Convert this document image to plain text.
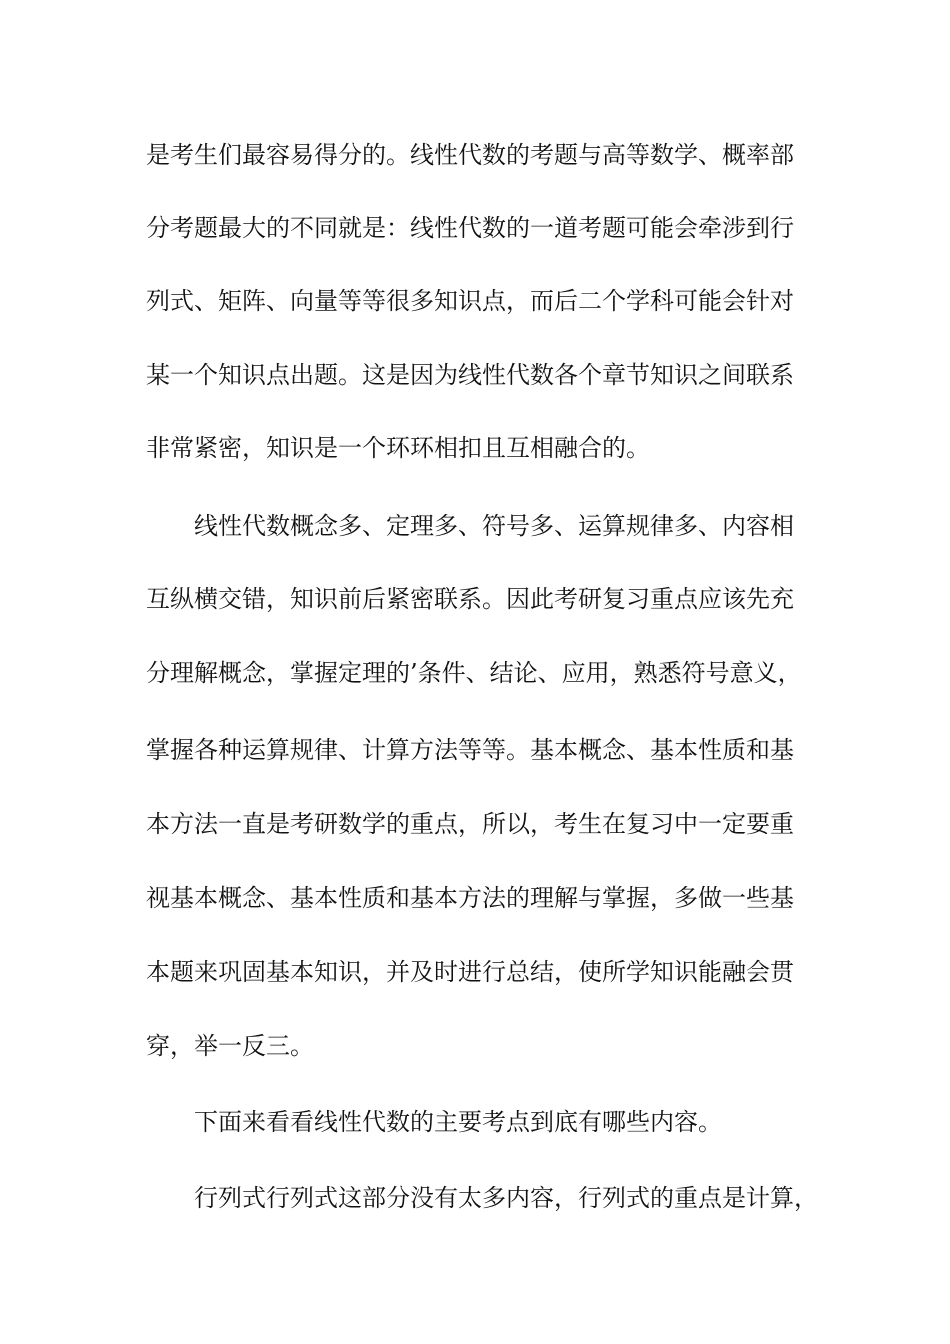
是考生们最容易得分的。线性代数的考题与高等数学、概率部
分考题最大的不同就是：线性代数的一道考题可能会牵涉到行
列式、矩阵、向量等等很多知识点，而后二个学科可能会针对
某一个知识点出题。这是因为线性代数各个章节知识之间联系
非常紧密，知识是一个环环相扣且互相融合的。
线性代数概念多、定理多、符号多、运算规律多、内容相
互纵横交错，知识前后紧密联系。因此考研复习重点应该先充
分理解概念，掌握定理的’条件、结论、应用，熟悉符号意义，
掌握各种运算规律、计算方法等等。基本概念、基本性质和基
本方法一直是考研数学的重点，所以，考生在复习中一定要重
视基本概念、基本性质和基本方法的理解与掌握，多做一些基
本题来巩固基本知识，并及时进行总结，使所学知识能融会贯
穿，举一反三。
下面来看看线性代数的主要考点到底有哪些内容。
行列式行列式这部分没有太多内容，行列式的重点是计算，
